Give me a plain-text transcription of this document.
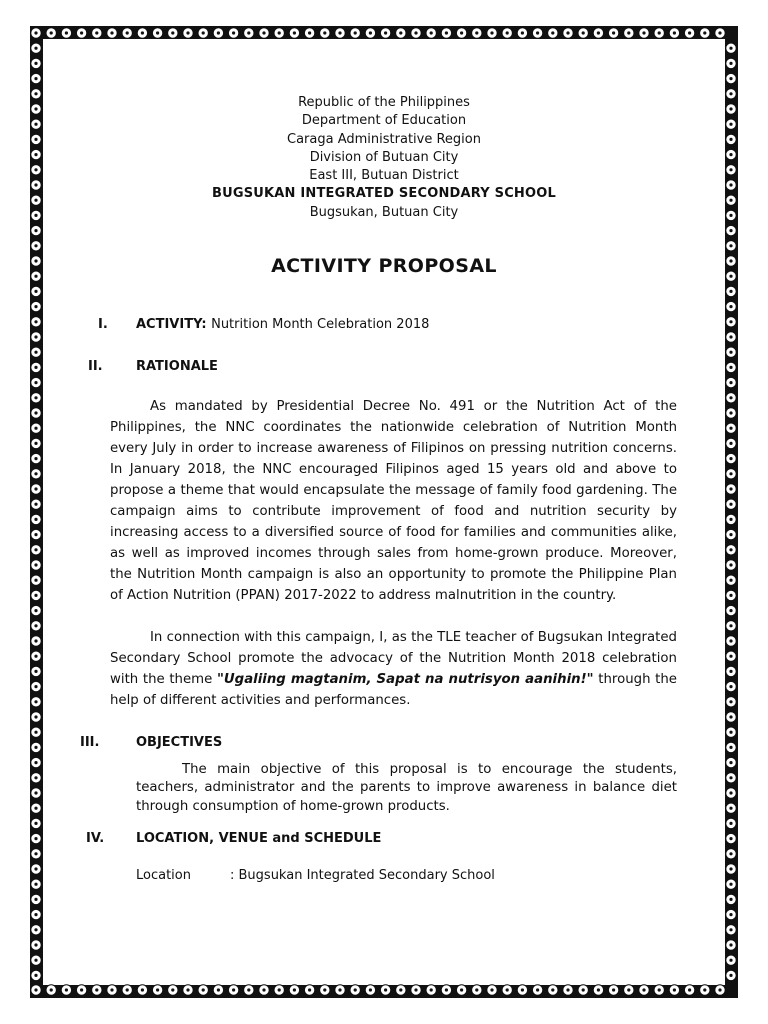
Republic of the Philippines
Department of Education
Caraga Administrative Region
Division of Butuan City
East III, Butuan District
BUGSUKAN INTEGRATED SECONDARY SCHOOL
Bugsukan, Butuan City
ACTIVITY PROPOSAL
I. ACTIVITY: Nutrition Month Celebration 2018
II.	RATIONALE
As mandated by Presidential Decree No. 491 or the Nutrition Act of the Philippines, the NNC coordinates the nationwide celebration of Nutrition Month every July in order to increase awareness of Filipinos on pressing nutrition concerns. In January 2018, the NNC encouraged Filipinos aged 15 years old and above to propose a theme that would encapsulate the message of family food gardening. The campaign aims to contribute improvement of food and nutrition security by increasing access to a diversified source of food for families and communities alike, as well as improved incomes through sales from home-grown produce. Moreover, the Nutrition Month campaign is also an opportunity to promote the Philippine Plan of Action Nutrition (PPAN) 2017-2022 to address malnutrition in the country.
In connection with this campaign, I, as the TLE teacher of Bugsukan Integrated Secondary School promote the advocacy of the Nutrition Month 2018 celebration with the theme "Ugaliing magtanim, Sapat na nutrisyon aanihin!" through the help of different activities and performances.
III.	OBJECTIVES
The main objective of this proposal is to encourage the students, teachers, administrator and the parents to improve awareness in balance diet through consumption of home-grown products.
IV. LOCATION, VENUE and SCHEDULE
Location	: Bugsukan Integrated Secondary School
